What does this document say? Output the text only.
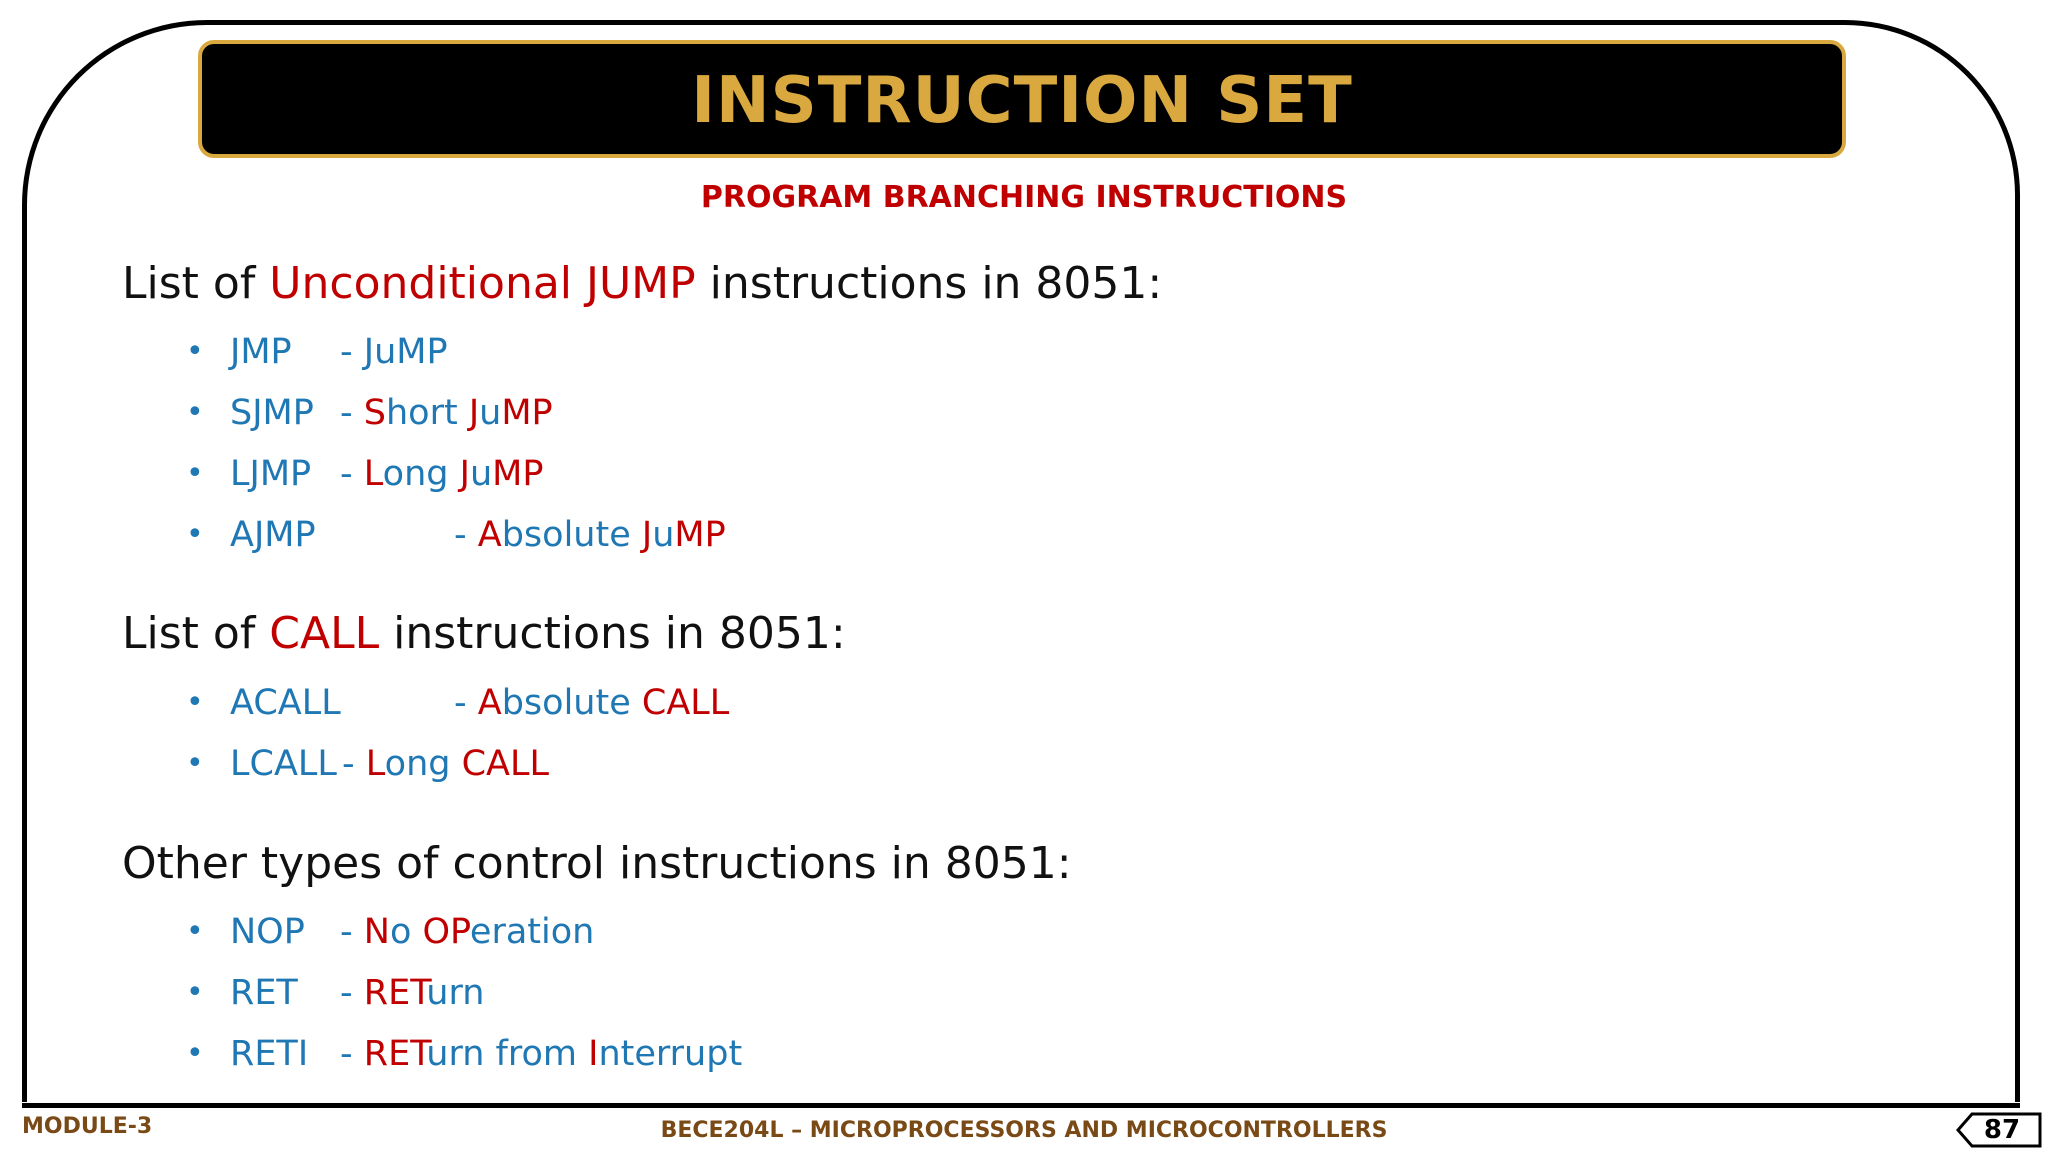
INSTRUCTION SET
PROGRAM BRANCHING INSTRUCTIONS
List of Unconditional JUMP instructions in 8051:
• JMP - JuMP
• SJMP - Short JuMP
• LJMP - Long JuMP
• AJMP	- Absolute JuMP
List of CALL instructions in 8051:
• ACALL	- Absolute CALL
• LCALL - Long CALL
Other types of control instructions in 8051:
• NOP - No OPeration
• RET - RETurn
• RETI - RETurn from Interrupt
MODULE-3	BECE204L – MICROPROCESSORS AND MICROCONTROLLERS	87
